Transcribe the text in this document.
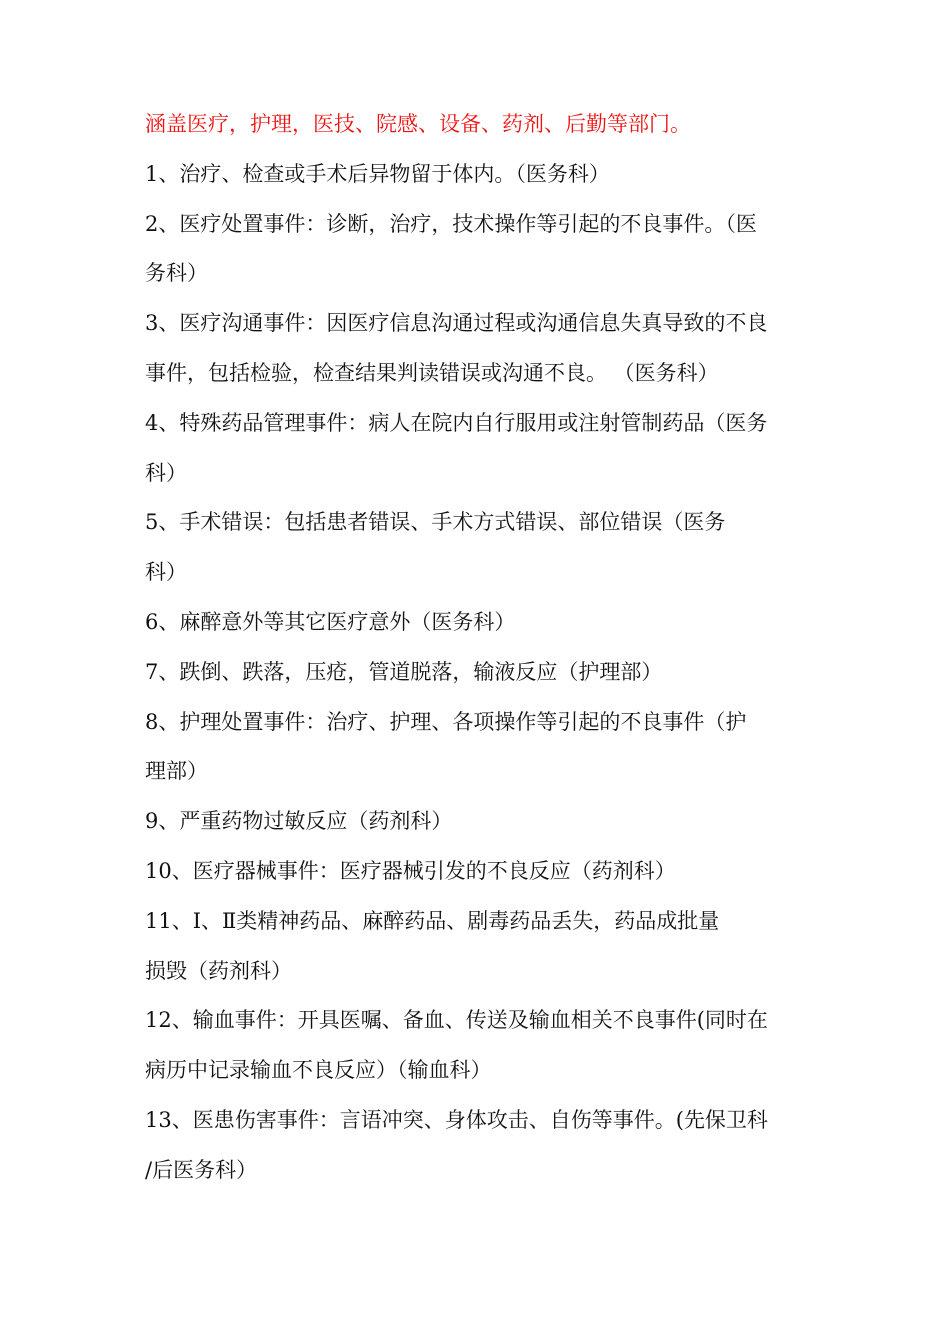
涵盖医疗，护理，医技、院感、设备、药剂、后勤等部门。
1、治疗、检查或手术后异物留于体内。（医务科）
2、医疗处置事件：诊断，治疗，技术操作等引起的不良事件。（医
务科）
3、医疗沟通事件：因医疗信息沟通过程或沟通信息失真导致的不良
事件，包括检验，检查结果判读错误或沟通不良。 （医务科）
4、特殊药品管理事件：病人在院内自行服用或注射管制药品（医务
科）
5、手术错误：包括患者错误、手术方式错误、部位错误（医务
科）
6、麻醉意外等其它医疗意外（医务科）
7、跌倒、跌落，压疮，管道脱落，输液反应（护理部）
8、护理处置事件：治疗、护理、各项操作等引起的不良事件（护
理部）
9、严重药物过敏反应（药剂科）
10、医疗器械事件：医疗器械引发的不良反应（药剂科）
11、Ⅰ、Ⅱ类精神药品、麻醉药品、剧毒药品丢失，药品成批量
损毁（药剂科）
12、输血事件：开具医嘱、备血、传送及输血相关不良事件(同时在
病历中记录输血不良反应）（输血科）
13、医患伤害事件：言语冲突、身体攻击、自伤等事件。(先保卫科
/后医务科）
